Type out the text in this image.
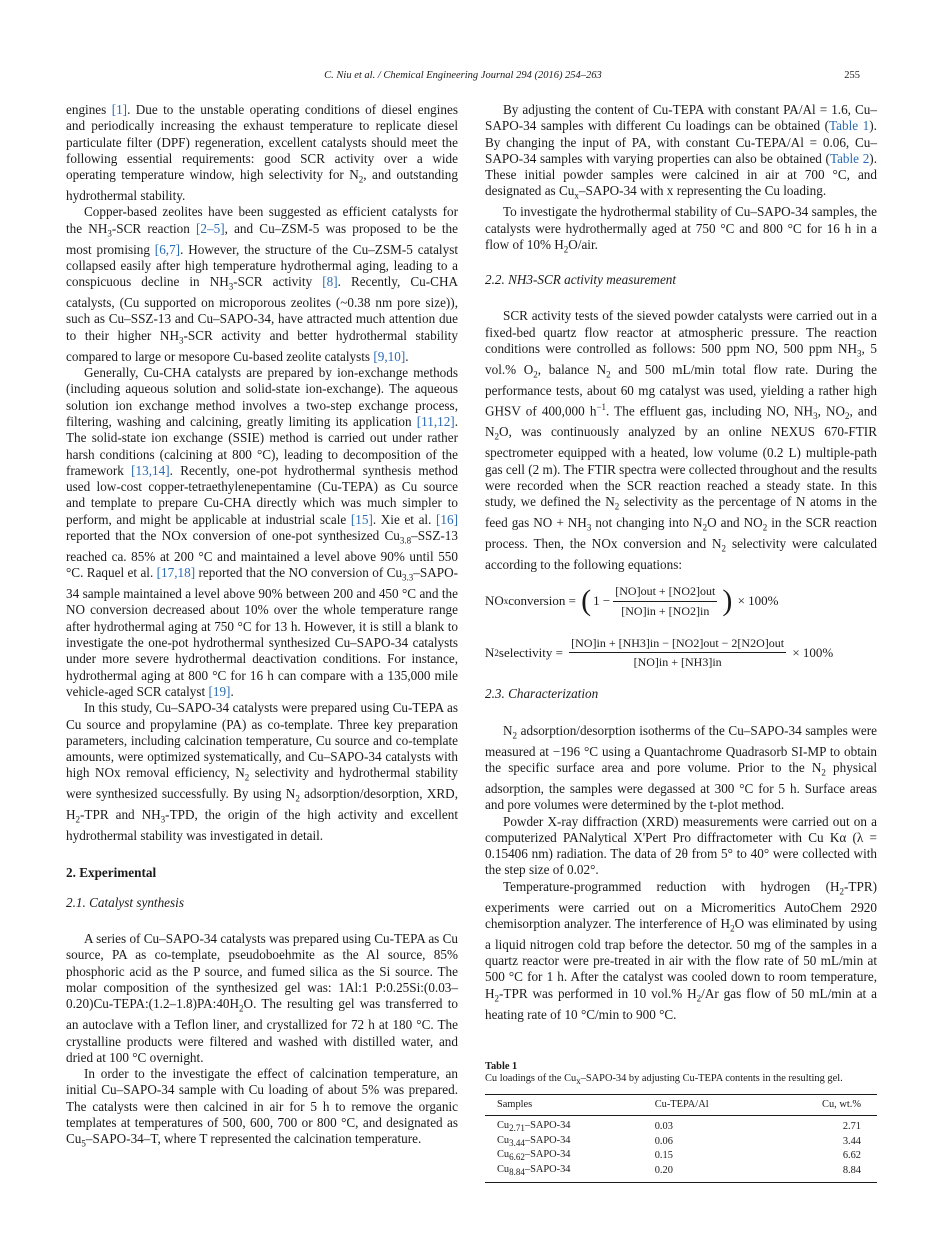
C. Niu et al. / Chemical Engineering Journal 294 (2016) 254–263	255

engines [1]. Due to the unstable operating conditions of diesel engines and periodically increasing the exhaust temperature to replicate diesel particulate filter (DPF) regeneration, excellent catalysts should meet the following essential requirements: good SCR activity over a wide operating temperature window, high selectivity for $N_2$, and outstanding hydrothermal stability.

Copper-based zeolites have been suggested as efficient catalysts for the $NH_3$-SCR reaction [2–5], and Cu–ZSM-5 was proposed to be the most promising [6,7]. However, the structure of the Cu–ZSM-5 catalyst collapsed easily after high temperature hydrothermal aging, leading to a conspicuous decline in $NH_3$-SCR activity [8]. Recently, Cu-CHA catalysts, (Cu supported on microporous zeolites (~0.38 nm pore size)), such as Cu–SSZ-13 and Cu–SAPO-34, have attracted much attention due to their higher $NH_3$-SCR activity and better hydrothermal stability compared to large or mesopore Cu-based zeolite catalysts [9,10].

Generally, Cu-CHA catalysts are prepared by ion-exchange methods (including aqueous solution and solid-state ion-exchange). The aqueous solution ion exchange method involves a two-step exchange process, filtering, washing and calcining, greatly limiting its application [11,12]. The solid-state ion exchange (SSIE) method is carried out under rather harsh conditions (calcining at 800 °C), leading to decomposition of the framework [13,14]. Recently, one-pot hydrothermal synthesis method used low-cost copper-tetraethylenepentamine (Cu-TEPA) as Cu source and template to prepare Cu-CHA directly which was much simpler to perform, and might be applicable at industrial scale [15]. Xie et al. [16] reported that the NOx conversion of one-pot synthesized $Cu_{3.8}-SSZ-13$ reached ca. 85% at 200 °C and maintained a level above 90% until 550 °C. Raquel et al. [17,18] reported that the NO conversion of $Cu_{3.3}-SAPO-34$ sample maintained a level above 90% between 200 and 450 °C and the NO conversion decreased about 10% over the whole temperature range after hydrothermal aging at 750 °C for 13 h. However, it is still a blank to investigate the one-pot hydrothermal synthesized Cu–SAPO-34 catalysts under more severe hydrothermal deactivation conditions. For instance, hydrothermal aging at 800 °C for 16 h can compare with a 135,000 mile vehicle-aged SCR catalyst [19].

In this study, Cu–SAPO-34 catalysts were prepared using Cu-TEPA as Cu source and propylamine (PA) as co-template. Three key preparation parameters, including calcination temperature, Cu source and co-template amounts, were optimized systematically, and Cu–SAPO-34 catalysts with high NOx removal efficiency, $N_2$ selectivity and hydrothermal stability were synthesized successfully. By using $N_2$ adsorption/desorption, XRD, $H_2$-TPR and $NH_3$-TPD, the origin of the high activity and excellent hydrothermal stability was investigated in detail.

2. Experimental
2.1. Catalyst synthesis

A series of Cu–SAPO-34 catalysts was prepared using Cu-TEPA as Cu source, PA as co-template, pseudoboehmite as the Al source, 85% phosphoric acid as the P source, and fumed silica as the Si source. The molar composition of the synthesized gel was: 1Al:1 $P:0.25Si:(0.03-0.20)Cu-TEPA:(1.2-1.8)PA:40H_2O$. The resulting gel was transferred to an autoclave with a Teflon liner, and crystallized for 72 h at 180 °C. The crystalline products were filtered and washed with distilled water, and dried at 100 °C overnight.

In order to the investigate the effect of calcination temperature, an initial Cu–SAPO-34 sample with Cu loading of about 5% was prepared. The catalysts were then calcined in air for 5 h to remove the organic templates at temperatures of 500, 600, 700 or 800 °C, and designated as $Cu_5-SAPO-34-T$, where T represented the calcination temperature.

By adjusting the content of Cu-TEPA with constant PA/Al = 1.6, Cu–SAPO-34 samples with different Cu loadings can be obtained (Table 1). By changing the input of PA, with constant Cu-TEPA/Al = 0.06, Cu–SAPO-34 samples with varying properties can also be obtained (Table 2). These initial powder samples were calcined in air at 700 °C, and designated as $Cu_x-SAPO-34$ with x representing the Cu loading.

To investigate the hydrothermal stability of Cu–SAPO-34 samples, the catalysts were hydrothermally aged at 750 °C and 800 °C for 16 h in a flow of 10% $H_2O$/air.

2.2. NH3-SCR activity measurement

SCR activity tests of the sieved powder catalysts were carried out in a fixed-bed quartz flow reactor at atmospheric pressure. The reaction conditions were controlled as follows: 500 ppm NO, 500 ppm $NH_3$, 5 vol.% $O_2$, balance $N_2$ and 500 mL/min total flow rate. During the performance tests, about 60 mg catalyst was used, yielding a rather high GHSV of 400,000 $h^{-1}$. The effluent gas, including NO, $NH_3$, $NO_2$, and $N_2O$, was continuously analyzed by an online NEXUS 670-FTIR spectrometer equipped with a heated, low volume (0.2 L) multiple-path gas cell (2 m). The FTIR spectra were collected throughout and the results were recorded when the SCR reaction reached a steady state. In this study, we defined the $N_2$ selectivity as the percentage of N atoms in the feed gas NO + $NH_3$ not changing into $N_2O$ and $NO_2$ in the SCR reaction process. Then, the NOx conversion and $N_2$ selectivity were calculated according to the following equations:

NO x conversion =
( $1 - \frac{\text{[NO]out + [NO2]out}}{[NO]in + [NO2]in}$ )
× 100%
N 2 selectivity =
$\frac{\text{[NO]in + [NH3]in − [NO2]out − 2[N2O]out}}{[NO]in + [NH3]in}$
× 100%
2.3. Characterization

$N_2$ adsorption/desorption isotherms of the Cu–SAPO-34 samples were measured at −196 °C using a Quantachrome Quadrasorb SI-MP to obtain the specific surface area and pore volume. Prior to the $N_2$ physical adsorption, the samples were degassed at 300 °C for 5 h. Surface areas and pore volumes were determined by the t-plot method.

Powder X-ray diffraction (XRD) measurements were carried out on a computerized PANalytical X'Pert Pro diffractometer with Cu Kα (λ = 0.15406 nm) radiation. The data of 2θ from 5° to 40° were collected with the step size of 0.02°.

Temperature-programmed reduction with hydrogen $(H_2-TPR)$ experiments were carried out on a Micromeritics AutoChem 2920 chemisorption analyzer. The interference of $H_2O$ was eliminated by using a liquid nitrogen cold trap before the detector. 50 mg of the samples in a quartz reactor were pre-treated in air with the flow rate of 50 mL/min at 500 °C for 1 h. After the catalyst was cooled down to room temperature, $H_2$-TPR was performed in 10 vol.% $H_2/Ar$ gas flow of 50 mL/min at a heating rate of 10 °C/min to 900 °C.

Table 1
Cu loadings of the $Cu_x-SAPO-34$ by adjusting Cu-TEPA contents in the resulting gel.
Samples	Cu-TEPA/Al	Cu, wt.%
$Cu_{2.71}-SAPO-34$	0.03	2.71
$Cu_{3.44}-SAPO-34$	0.06	3.44
$Cu_{6.62}-SAPO-34$	0.15	6.62
$Cu_{8.84}-SAPO-34$	0.20	8.84
